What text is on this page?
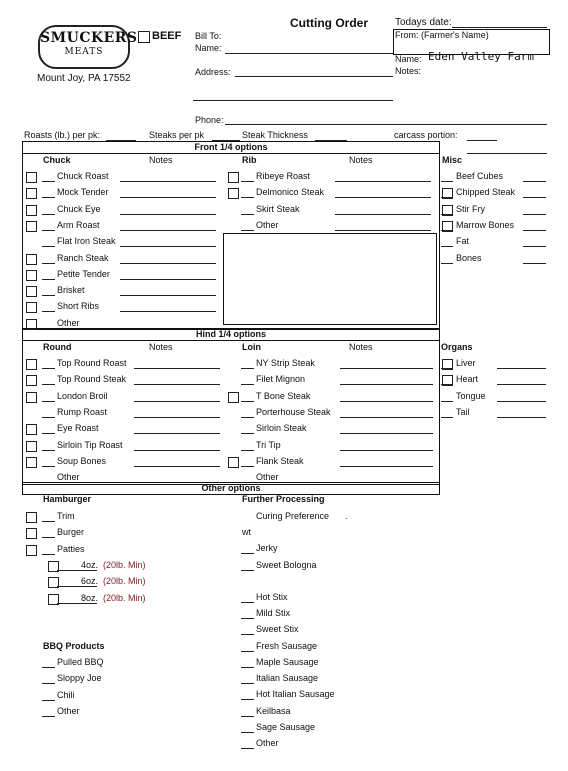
SMUCKERS
MEATS
Mount Joy, PA 17552
BEEF
Cutting Order
Bill To:
Name:
Address:
Phone:
Todays date:
From: (Farmer's Name)
Name: Eden Valley Farm
Notes:
Roasts (lb.) per pk:	Steaks per pk	Steak Thickness	carcass portion:
Front 1/4 options
Chuck	Notes	Rib	Notes	Misc
Chuck Roast
Mock Tender
Chuck Eye
Arm Roast
Flat Iron Steak
Ranch Steak
Petite Tender
Brisket
Short Ribs
Other
Ribeye Roast
Delmonico Steak
Skirt Steak
Other
Beef Cubes
Chipped Steak
Stir Fry
Marrow Bones
Fat
Bones
Hind 1/4 options
Round	Notes	Loin	Notes	Organs
Top Round Roast
Top Round Steak
London Broil
Rump Roast
Eye Roast
Sirloin Tip Roast
Soup Bones
Other
NY Strip Steak
Filet Mignon
T Bone Steak
Porterhouse Steak
Sirloin Steak
Tri Tip
Flank Steak
Other
Liver
Heart
Tongue
Tail
Other options
Hamburger	Further Processing
Curing Preference .
wt
Trim
Burger
Patties
4oz. (20lb. Min)
6oz. (20lb. Min)
8oz. (20lb. Min)
BBQ Products
Pulled BBQ
Sloppy Joe
Chili
Other
Jerky
Sweet Bologna
Hot Stix
Mild Stix
Sweet Stix
Fresh Sausage
Maple Sausage
Italian Sausage
Hot Italian Sausage
Keilbasa
Sage Sausage
Other
